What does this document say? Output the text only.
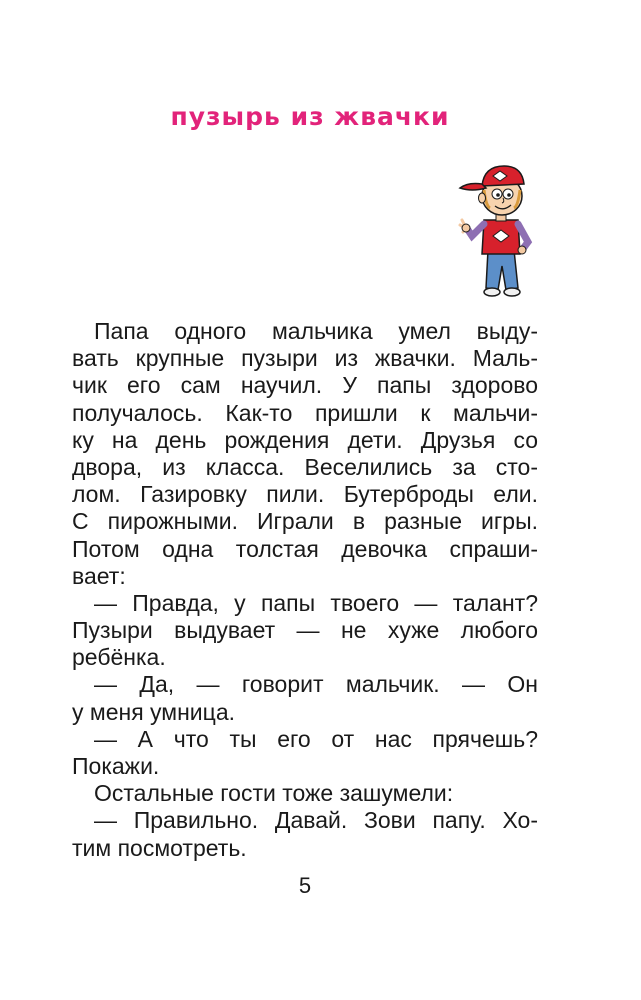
пузырь из жвачки
Папа одного мальчика умел выду-
вать крупные пузыри из жвачки. Маль-
чик его сам научил. У папы здорово
получалось. Как-то пришли к мальчи-
ку на день рождения дети. Друзья со
двора, из класса. Веселились за сто-
лом. Газировку пили. Бутерброды ели.
С пирожными. Играли в разные игры.
Потом одна толстая девочка спраши-
вает:
— Правда, у папы твоего — талант?
Пузыри выдувает — не хуже любого
ребёнка.
— Да, — говорит мальчик. — Он
у меня умница.
— А что ты его от нас прячешь?
Покажи.
Остальные гости тоже зашумели:
— Правильно. Давай. Зови папу. Хо-
тим посмотреть.
5
